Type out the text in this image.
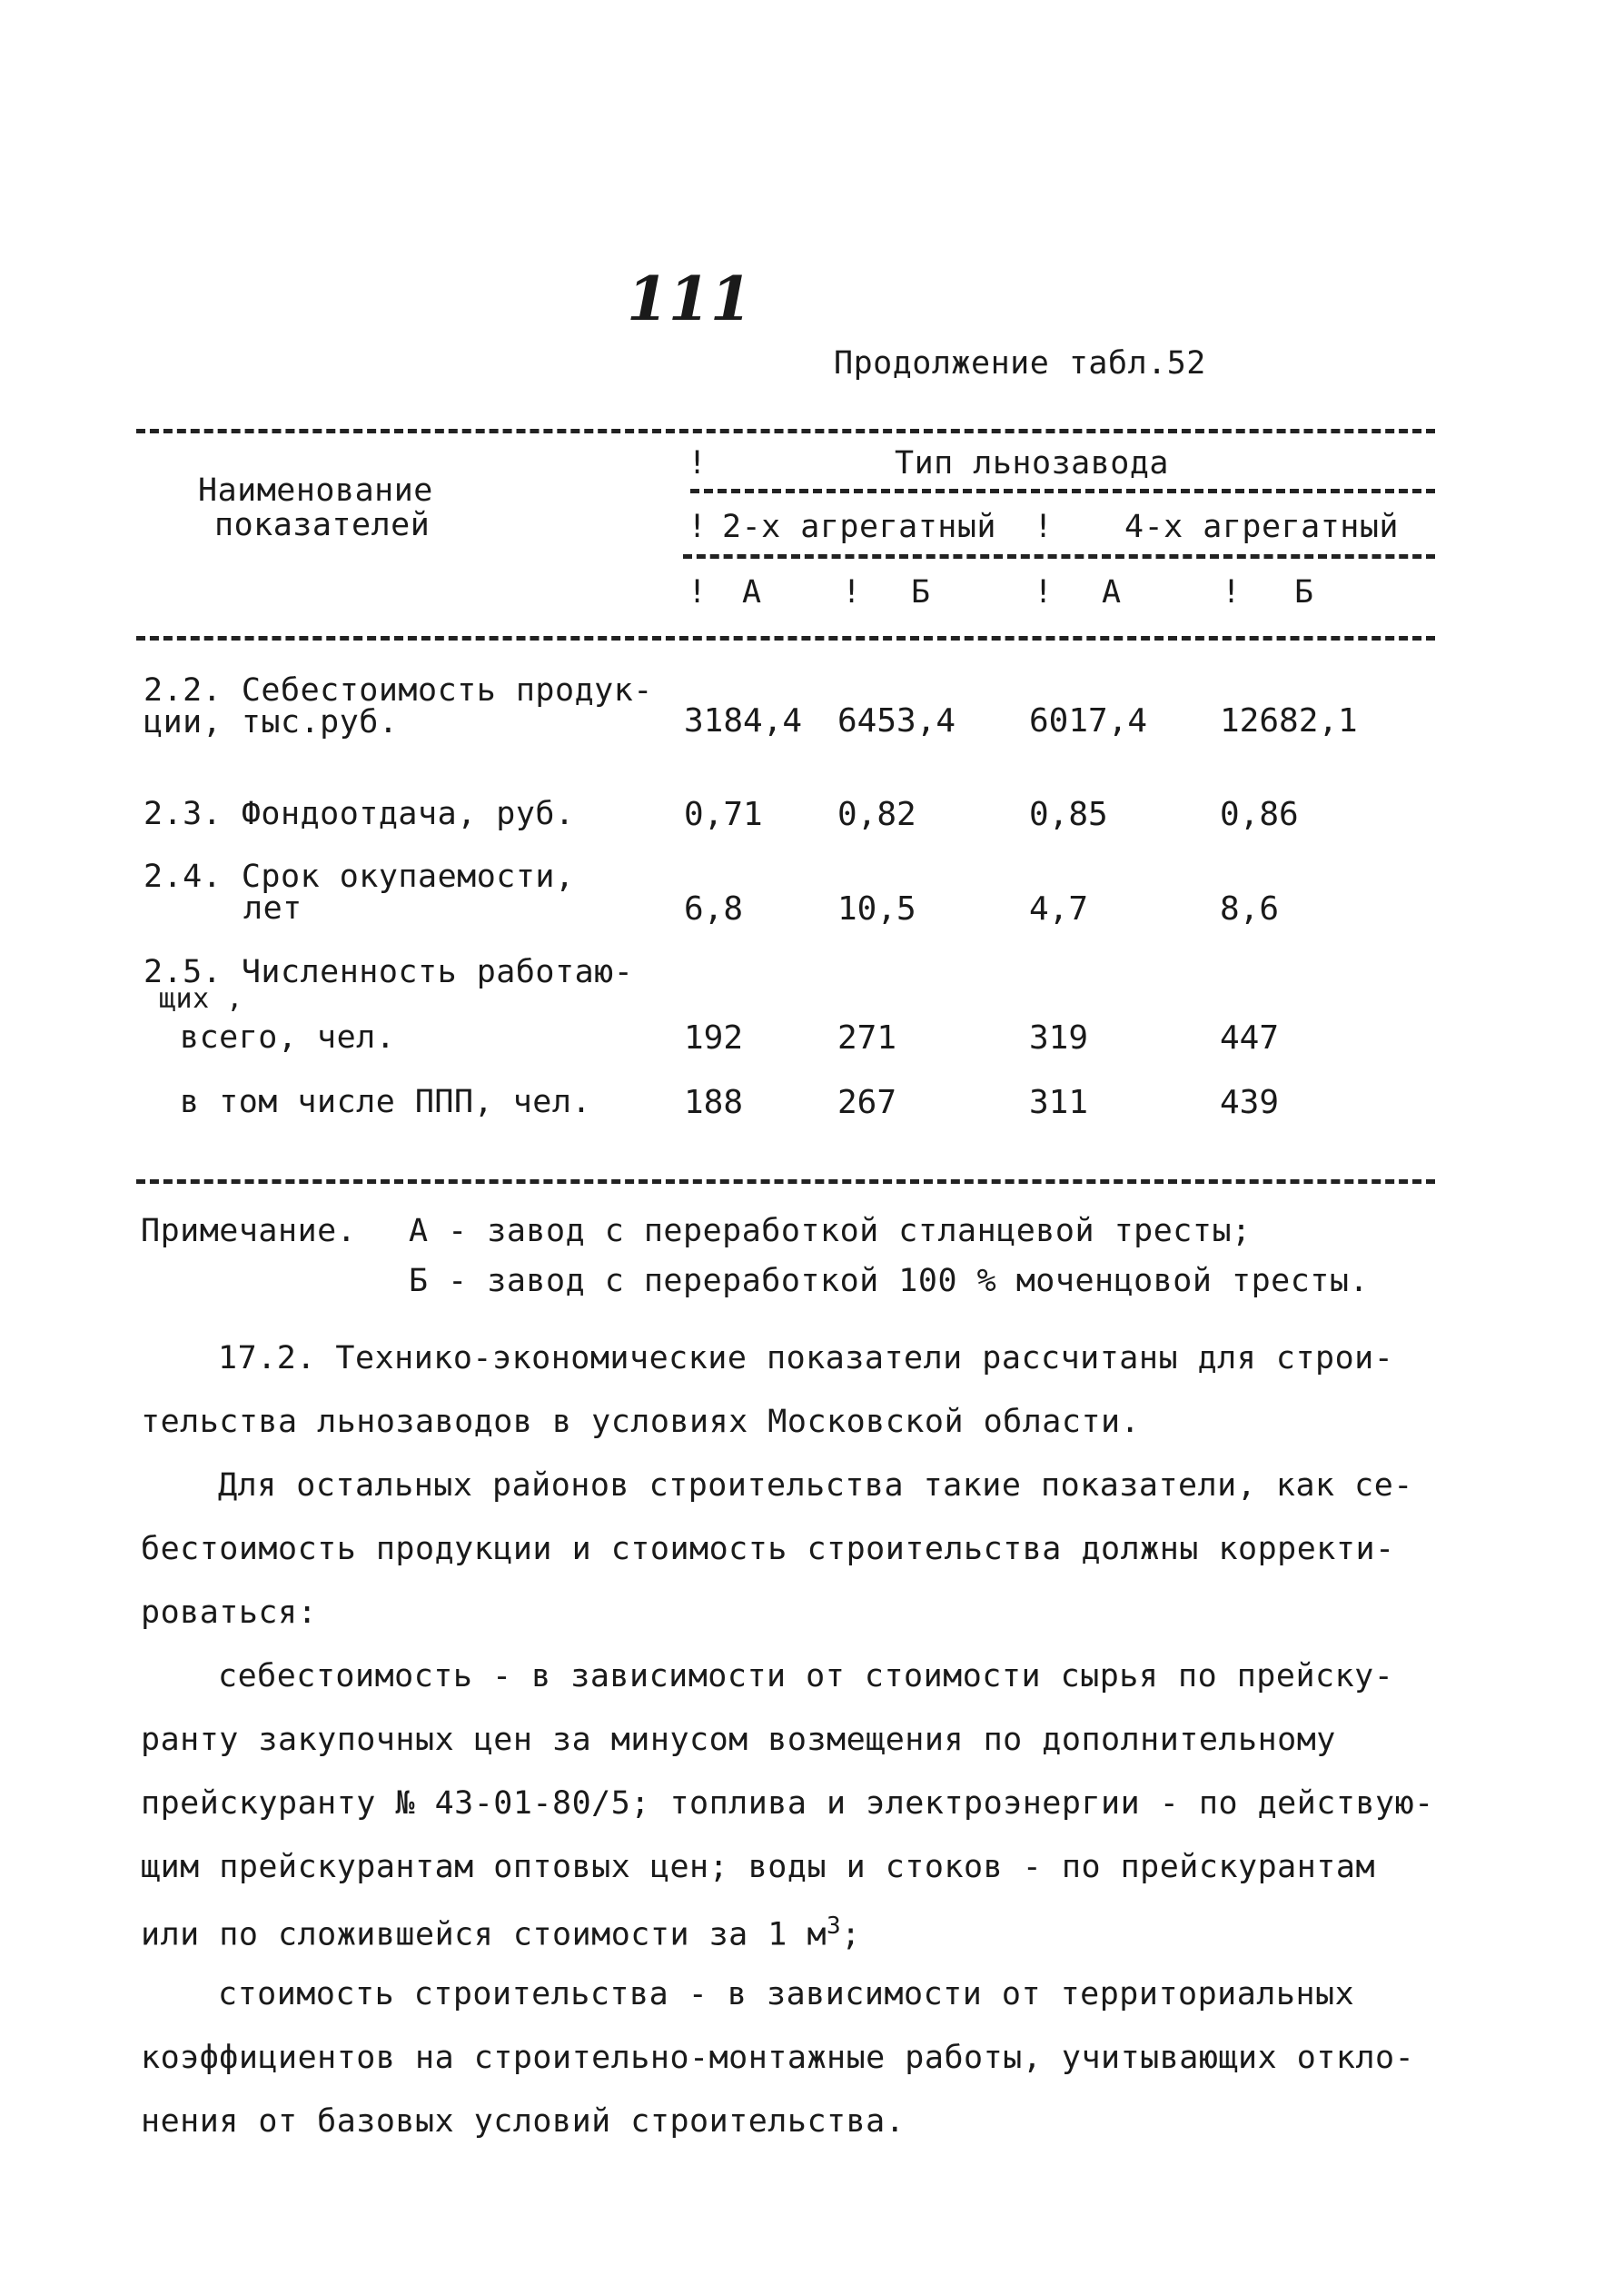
111
Продолжение табл.52
!	Тип льнозавода
Наименование
показателей	! 2-х агрегатный ! 4-х агрегатный
! А	! Б	! А	! Б
2.2. Себестоимость продук-
ции, тыс.руб.	3184,4 6453,4 6017,4 12682,1
2.3. Фондоотдача, руб.	0,71 0,82	0,85	0,86
2.4. Срок окупаемости,
лет	6,8	10,5	4,7	8,6
2.5. Численность работаю-
щих ,
всего, чел.	192	271	319	447
в том числе ППП, чел.	188	267	311	439
Примечание. А - завод с переработкой стланцевой тресты;
Б - завод с переработкой 100 % моченцовой тресты.
17.2. Технико-экономические показатели рассчитаны для строи-
тельства льнозаводов в условиях Московской области.
Для остальных районов строительства такие показатели, как се-
бестоимость продукции и стоимость строительства должны корректи-
роваться:
себестоимость - в зависимости от стоимости сырья по прейску-
ранту закупочных цен за минусом возмещения по дополнительному
прейскуранту № 43-01-80/5; топлива и электроэнергии - по действую-
щим прейскурантам оптовых цен; воды и стоков - по прейскурантам
или по сложившейся стоимости за 1 $м^3$;
стоимость строительства - в зависимости от территориальных
коэффициентов на строительно-монтажные работы, учитывающих откло-
нения от базовых условий строительства.
